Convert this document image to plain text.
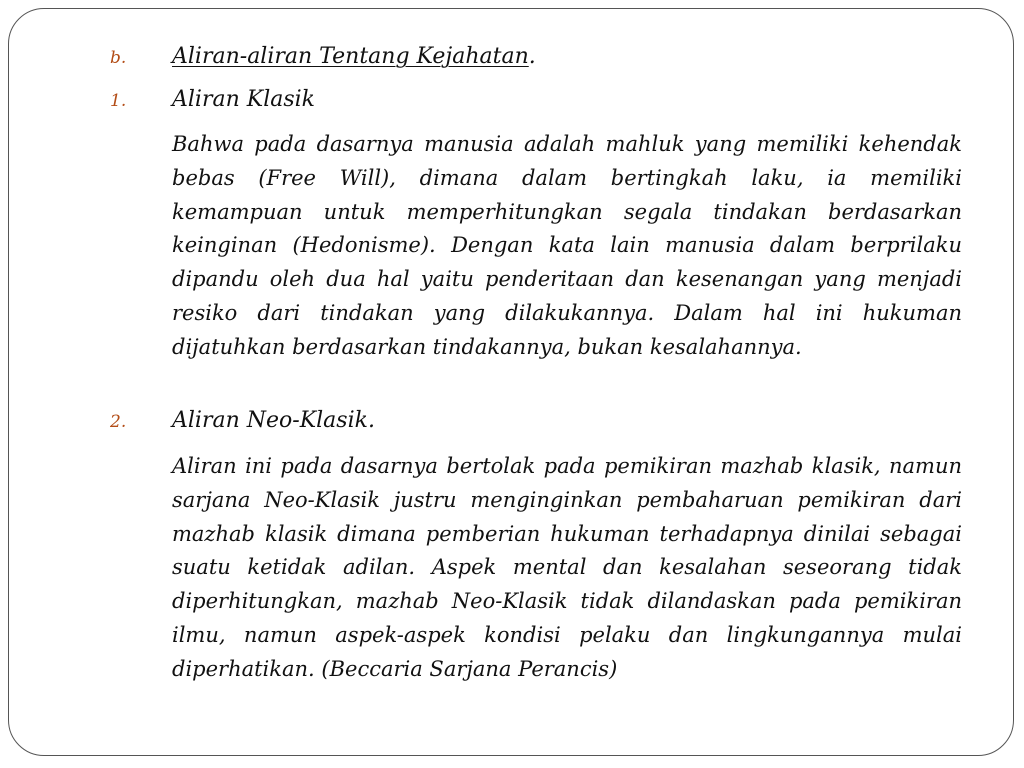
b.	Aliran-aliran Tentang Kejahatan.
1.	Aliran Klasik
Bahwa pada dasarnya manusia adalah mahluk yang memiliki kehendak bebas (Free Will), dimana dalam bertingkah laku, ia memiliki kemampuan untuk memperhitungkan segala tindakan berdasarkan keinginan (Hedonisme). Dengan kata lain manusia dalam berprilaku dipandu oleh dua hal yaitu penderitaan dan kesenangan yang menjadi resiko dari tindakan yang dilakukannya. Dalam hal ini hukuman dijatuhkan berdasarkan tindakannya, bukan kesalahannya.
2.	Aliran Neo-Klasik.
Aliran ini pada dasarnya bertolak pada pemikiran mazhab klasik, namun sarjana Neo-Klasik justru menginginkan pembaharuan pemikiran dari mazhab klasik dimana pemberian hukuman terhadapnya dinilai sebagai suatu ketidak adilan. Aspek mental dan kesalahan seseorang tidak diperhitungkan, mazhab Neo-Klasik tidak dilandaskan pada pemikiran ilmu, namun aspek-aspek kondisi pelaku dan lingkungannya mulai diperhatikan. (Beccaria Sarjana Perancis)
